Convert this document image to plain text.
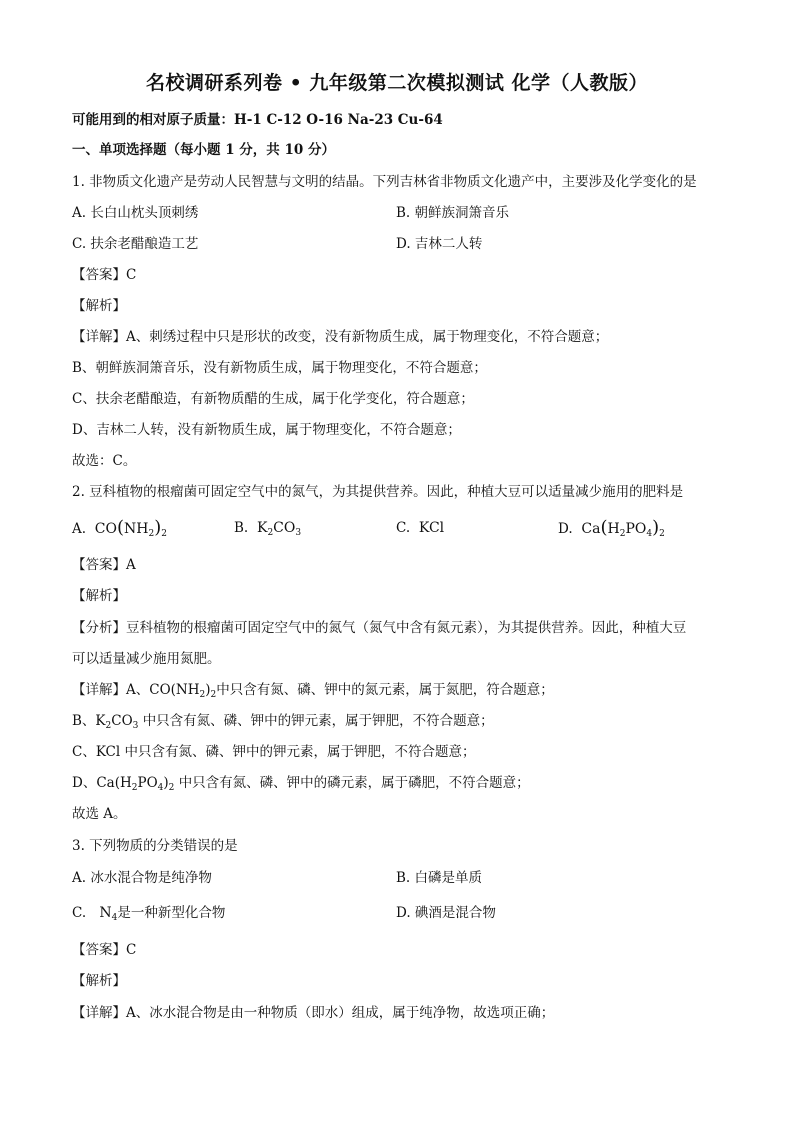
名校调研系列卷 • 九年级第二次模拟测试 化学（人教版）
可能用到的相对原子质量：H-1 C-12 O-16 Na-23 Cu-64
一、单项选择题（每小题 1 分，共 10 分）
1. 非物质文化遗产是劳动人民智慧与文明的结晶。下列吉林省非物质文化遗产中，主要涉及化学变化的是
A. 长白山枕头顶刺绣	B. 朝鲜族洞箫音乐
C. 扶余老醋酿造工艺	D. 吉林二人转
【答案】C
【解析】
【详解】A、刺绣过程中只是形状的改变，没有新物质生成，属于物理变化，不符合题意；
B、朝鲜族洞箫音乐，没有新物质生成，属于物理变化，不符合题意；
C、扶余老醋酿造，有新物质醋的生成，属于化学变化，符合题意；
D、吉林二人转，没有新物质生成，属于物理变化，不符合题意；
故选：C。
2. 豆科植物的根瘤菌可固定空气中的氮气，为其提供营养。因此，种植大豆可以适量减少施用的肥料是
A.  $CO(NH_2)_2$	B.  $K_2CO_3$	C. KCl	D.  $Ca(H_2PO_4)_2$
【答案】A
【解析】
【分析】豆科植物的根瘤菌可固定空气中的氮气（氮气中含有氮元素），为其提供营养。因此，种植大豆
可以适量减少施用氮肥。
【详解】A、$CO(NH_2)_2$中只含有氮、磷、钾中的氮元素，属于氮肥，符合题意；
B、$K_2CO_3$ 中只含有氮、磷、钾中的钾元素，属于钾肥，不符合题意；
C、KCl 中只含有氮、磷、钾中的钾元素，属于钾肥，不符合题意；
D、$Ca(H_2PO_4)_2$ 中只含有氮、磷、钾中的磷元素，属于磷肥，不符合题意；
故选 A。
3. 下列物质的分类错误的是
A. 冰水混合物是纯净物	B. 白磷是单质
C.   $N_4$是一种新型化合物	D. 碘酒是混合物
【答案】C
【解析】
【详解】A、冰水混合物是由一种物质（即水）组成，属于纯净物，故选项正确；
